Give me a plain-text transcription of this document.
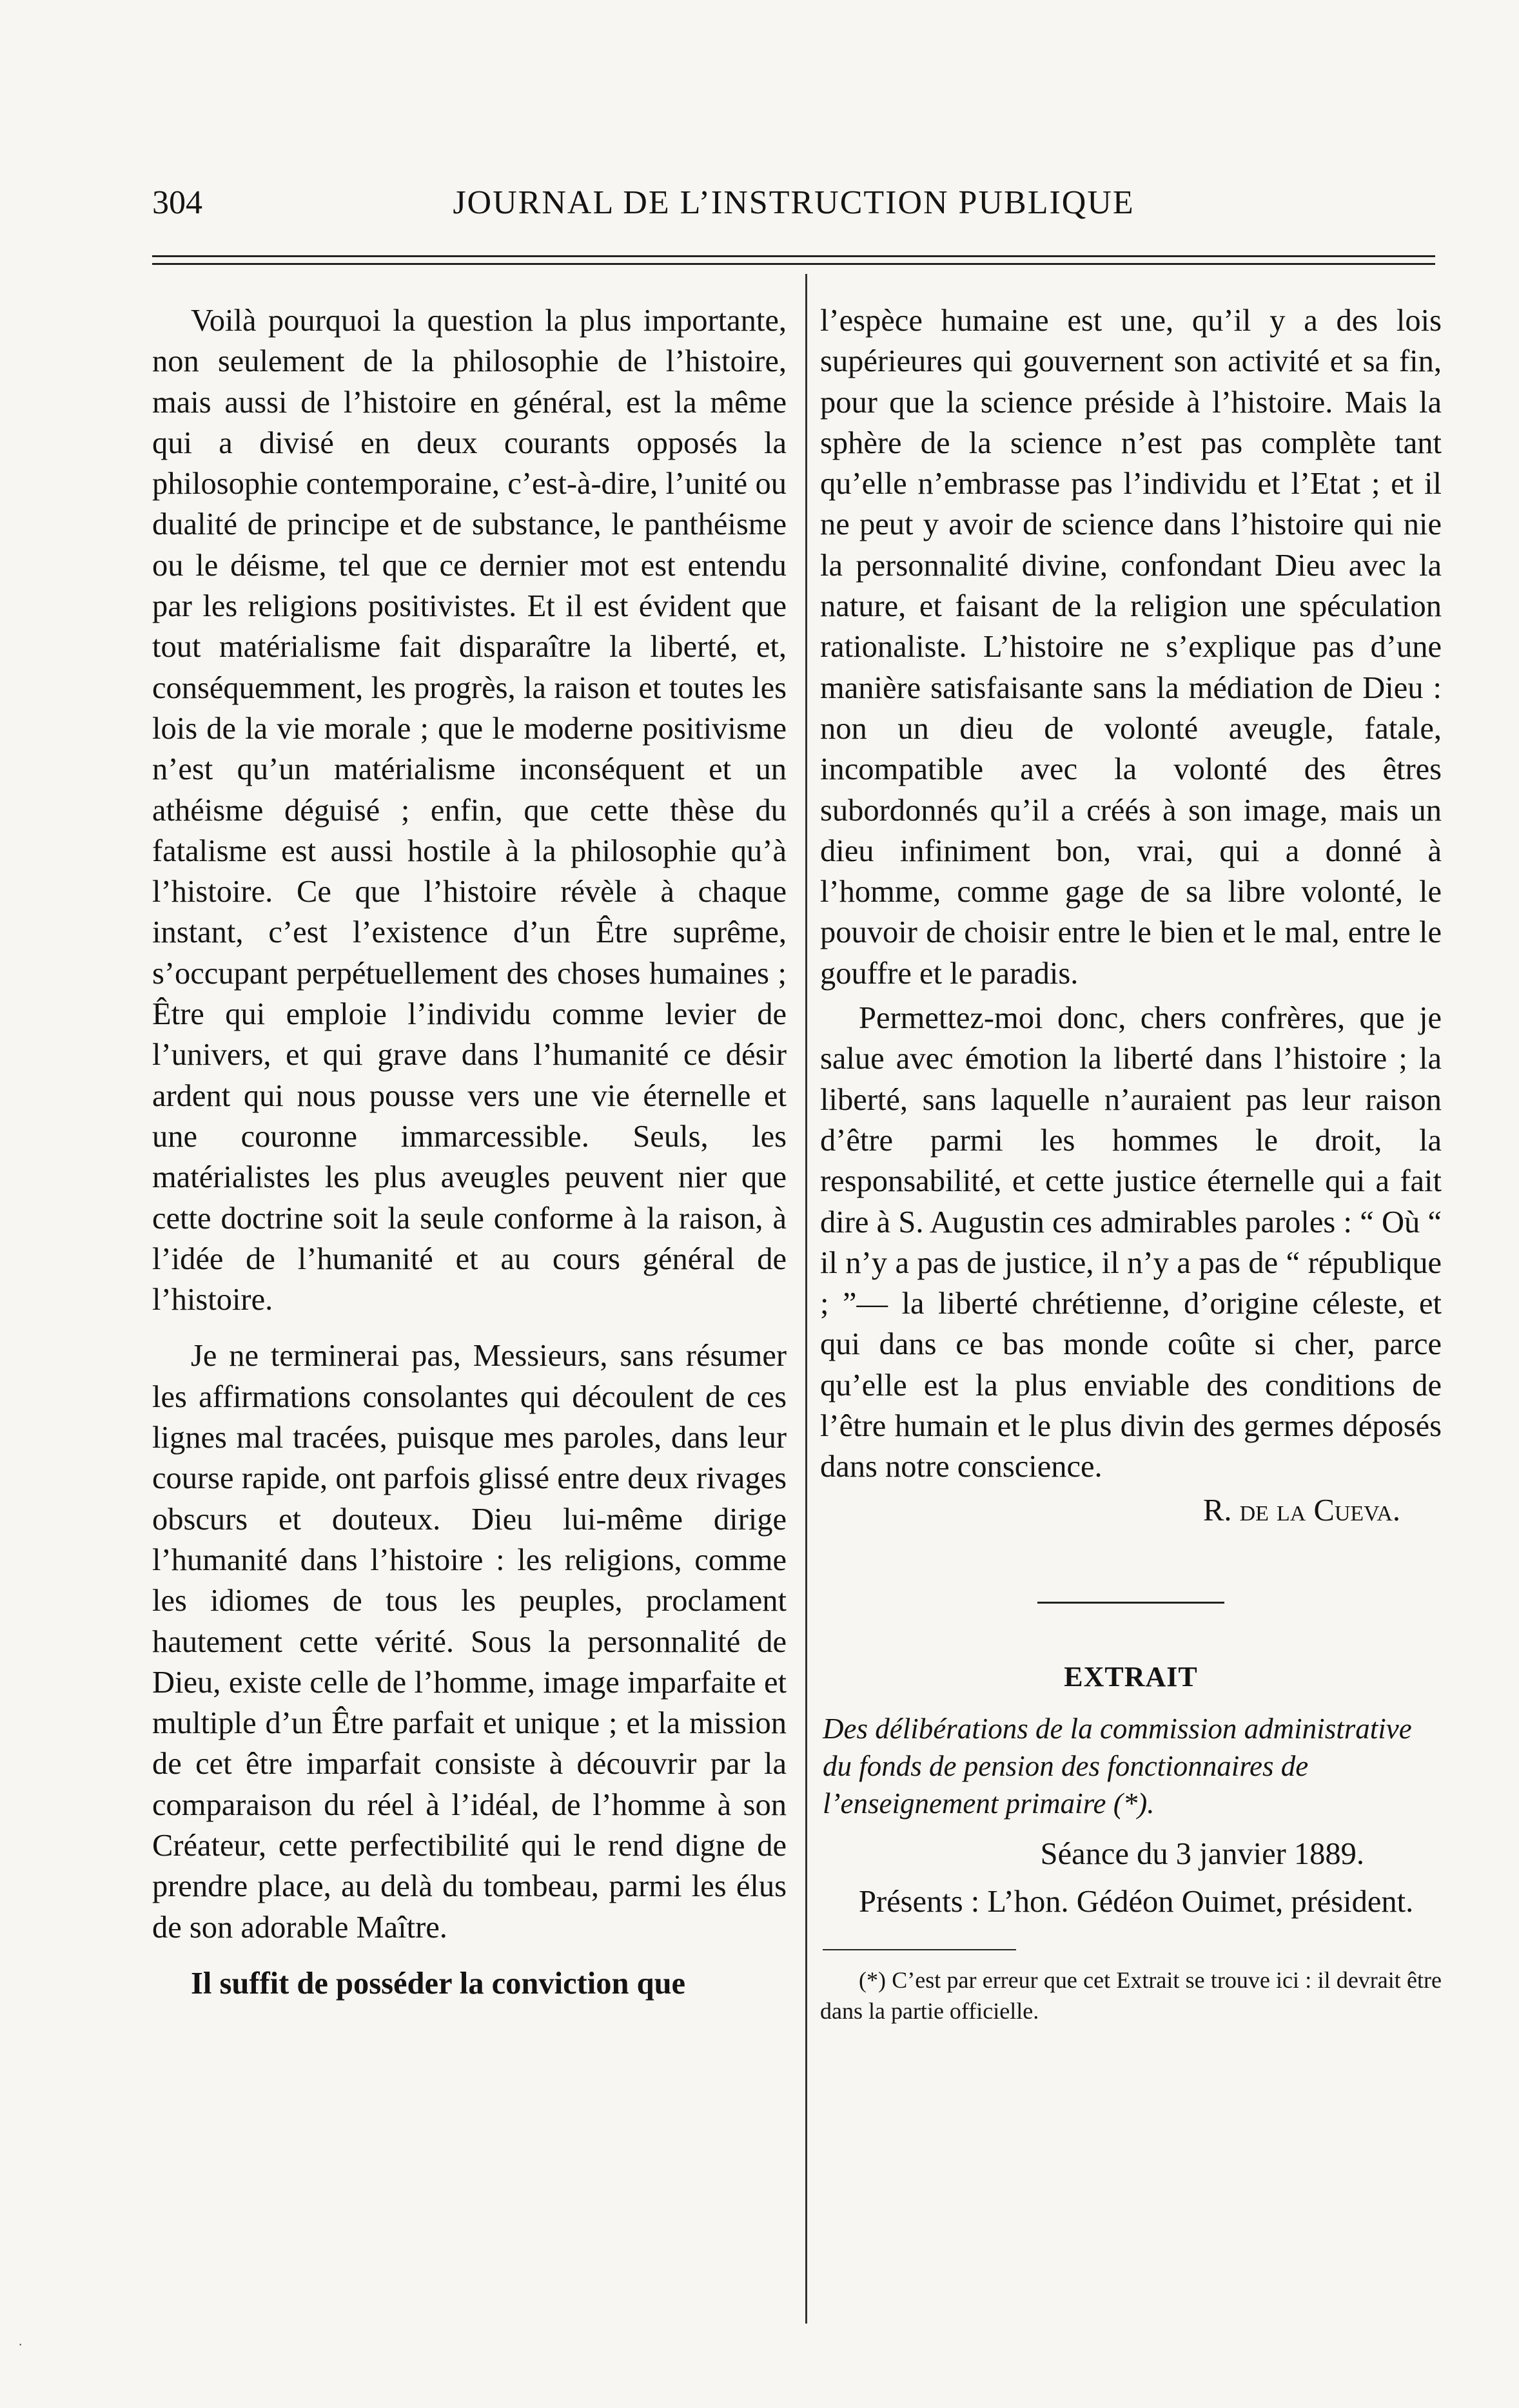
304	JOURNAL DE L’INSTRUCTION PUBLIQUE

Voilà pourquoi la question la plus importante, non seulement de la philosophie de l’histoire, mais aussi de l’histoire en général, est la même qui a divisé en deux courants opposés la philosophie contemporaine, c’est-à-dire, l’unité ou dualité de principe et de substance, le panthéisme ou le déisme, tel que ce dernier mot est entendu par les religions positivistes. Et il est évident que tout matérialisme fait disparaître la liberté, et, conséquemment, les progrès, la raison et toutes les lois de la vie morale ; que le moderne positivisme n’est qu’un matérialisme inconséquent et un athéisme déguisé ; enfin, que cette thèse du fatalisme est aussi hostile à la philosophie qu’à l’histoire. Ce que l’histoire révèle à chaque instant, c’est l’existence d’un Être suprême, s’occupant perpétuellement des choses humaines ; Être qui emploie l’individu comme levier de l’univers, et qui grave dans l’humanité ce désir ardent qui nous pousse vers une vie éternelle et une couronne immarcessible. Seuls, les matérialistes les plus aveugles peuvent nier que cette doctrine soit la seule conforme à la raison, à l’idée de l’humanité et au cours général de l’histoire.

Je ne terminerai pas, Messieurs, sans résumer les affirmations consolantes qui découlent de ces lignes mal tracées, puisque mes paroles, dans leur course rapide, ont parfois glissé entre deux rivages obscurs et douteux. Dieu lui-même dirige l’humanité dans l’histoire : les religions, comme les idiomes de tous les peuples, proclament hautement cette vérité. Sous la personnalité de Dieu, existe celle de l’homme, image imparfaite et multiple d’un Être parfait et unique ; et la mission de cet être imparfait consiste à découvrir par la comparaison du réel à l’idéal, de l’homme à son Créateur, cette perfectibilité qui le rend digne de prendre place, au delà du tombeau, parmi les élus de son adorable Maître.

Il suffit de posséder la conviction que

l’espèce humaine est une, qu’il y a des lois supérieures qui gouvernent son activité et sa fin, pour que la science préside à l’histoire. Mais la sphère de la science n’est pas complète tant qu’elle n’embrasse pas l’individu et l’Etat ; et il ne peut y avoir de science dans l’histoire qui nie la personnalité divine, confondant Dieu avec la nature, et faisant de la religion une spéculation rationaliste. L’histoire ne s’explique pas d’une manière satisfaisante sans la médiation de Dieu : non un dieu de volonté aveugle, fatale, incompatible avec la volonté des êtres subordonnés qu’il a créés à son image, mais un dieu infiniment bon, vrai, qui a donné à l’homme, comme gage de sa libre volonté, le pouvoir de choisir entre le bien et le mal, entre le gouffre et le paradis.

Permettez-moi donc, chers confrères, que je salue avec émotion la liberté dans l’histoire ; la liberté, sans laquelle n’auraient pas leur raison d’être parmi les hommes le droit, la responsabilité, et cette justice éternelle qui a fait dire à S. Augustin ces admirables paroles : “ Où “ il n’y a pas de justice, il n’y a pas de “ république ; ”— la liberté chrétienne, d’origine céleste, et qui dans ce bas monde coûte si cher, parce qu’elle est la plus enviable des conditions de l’être humain et le plus divin des germes déposés dans notre conscience.

R. de la Cueva.

EXTRAIT

Des délibérations de la commission administrative du fonds de pension des fonctionnaires de l’enseignement primaire (*).

Séance du 3 janvier 1889.

Présents : L’hon. Gédéon Ouimet, président.

(*) C’est par erreur que cet Extrait se trouve ici : il devrait être dans la partie officielle.

·
